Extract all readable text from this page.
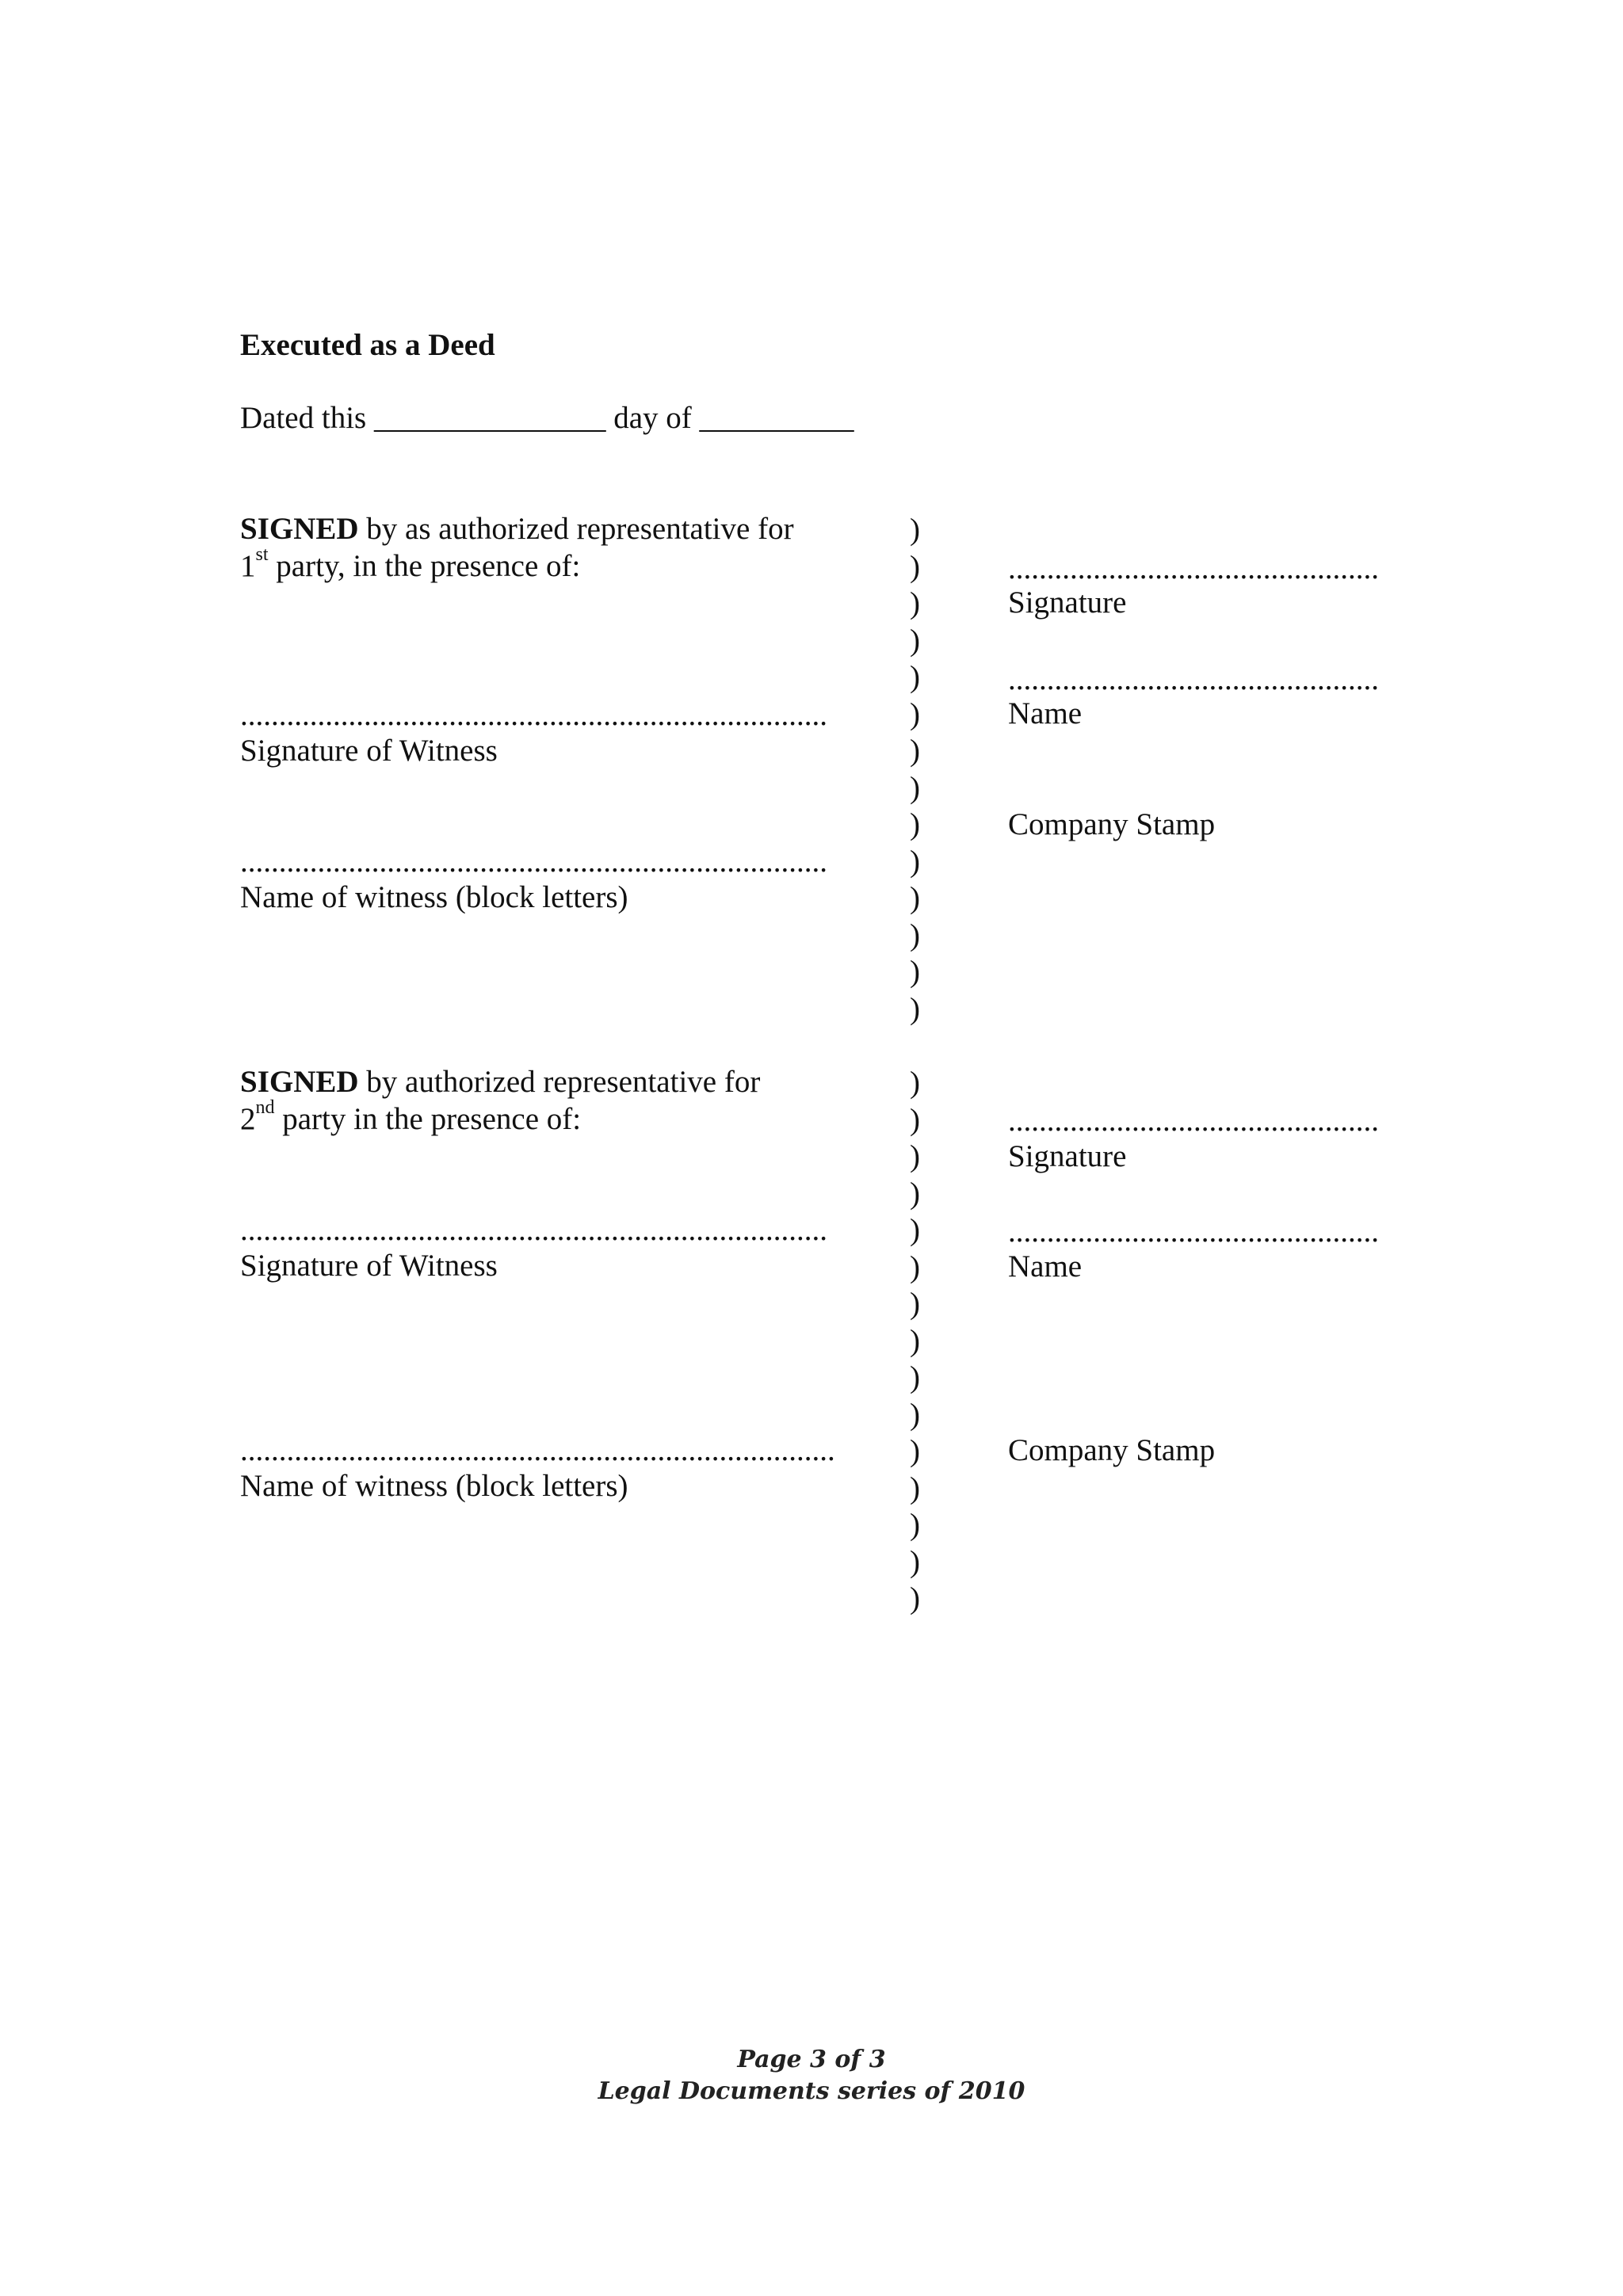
Executed as a Deed
Dated this _______________ day of __________
SIGNED by as authorized representative for
1st party, in the presence of:
............................................................................
Signature of Witness
............................................................................
Name of witness (block letters)
................................................
Signature
................................................
Name
Company Stamp
)
)
)
)
)
)
)
)
)
)
)
)
)
)
SIGNED by authorized representative for
2nd party in the presence of:
............................................................................
Signature of Witness
.............................................................................
Name of witness (block letters)
................................................
Signature
................................................
Name
Company Stamp
)
)
)
)
)
)
)
)
)
)
)
)
)
)
)
Page 3 of 3
Legal Documents series of 2010
